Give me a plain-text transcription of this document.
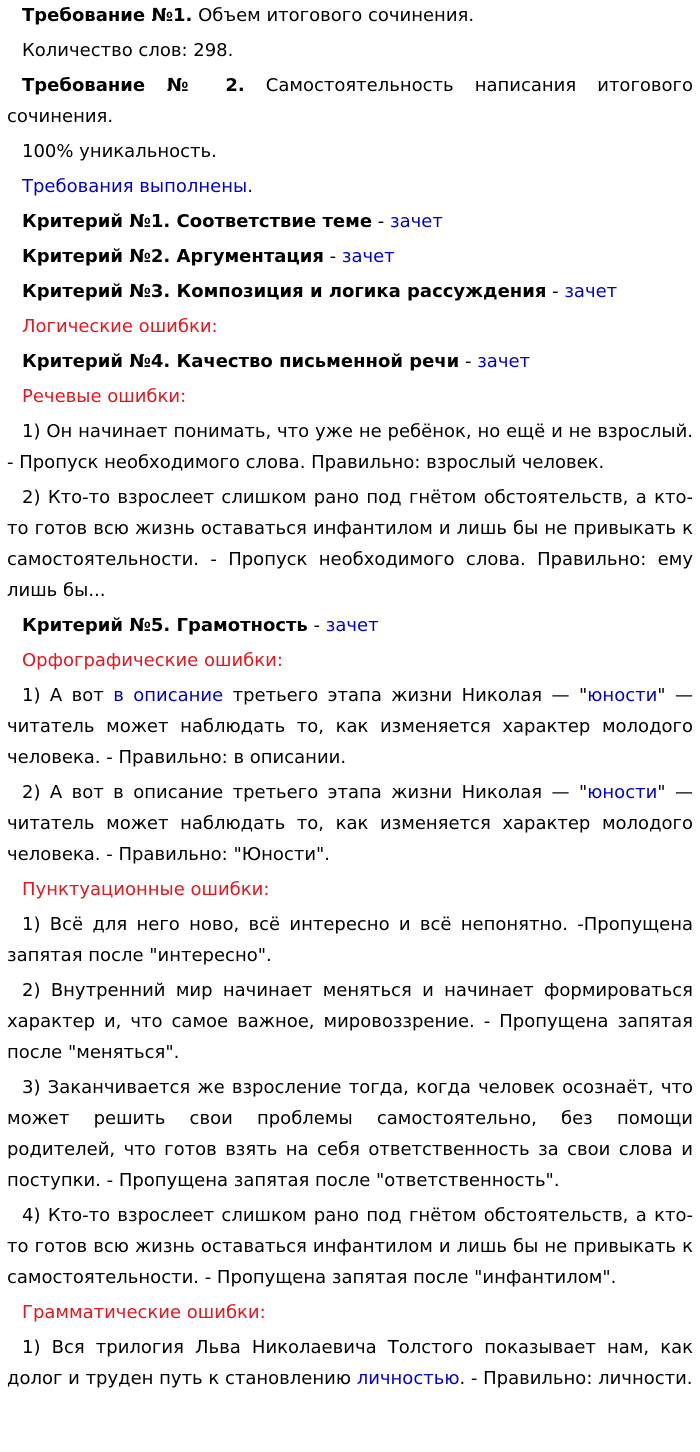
Требование №1. Объем итогового сочинения.

Количество слов: 298.

Требование № 2. Самостоятельность написания итогового сочинения.

100% уникальность.

Требования выполнены.

Критерий №1. Соответствие теме - зачет

Критерий №2. Аргументация - зачет

Критерий №3. Композиция и логика рассуждения - зачет

Логические ошибки:

Критерий №4. Качество письменной речи - зачет

Речевые ошибки:

1) Он начинает понимать, что уже не ребёнок, но ещё и не взрослый. - Пропуск необходимого слова. Правильно: взрослый человек.

2) Кто-то взрослеет слишком рано под гнётом обстоятельств, а кто-то готов всю жизнь оставаться инфантилом и лишь бы не привыкать к самостоятельности. - Пропуск необходимого слова. Правильно: ему лишь бы...

Критерий №5. Грамотность - зачет

Орфографические ошибки:

1) А вот в описание третьего этапа жизни Николая — "юности" — читатель может наблюдать то, как изменяется характер молодого человека. - Правильно: в описании.

2) А вот в описание третьего этапа жизни Николая — "юности" — читатель может наблюдать то, как изменяется характер молодого человека. - Правильно: "Юности".

Пунктуационные ошибки:

1) Всё для него ново, всё интересно и всё непонятно. -Пропущена запятая после "интересно".

2) Внутренний мир начинает меняться и начинает формироваться характер и, что самое важное, мировоззрение. - Пропущена запятая после "меняться".

3) Заканчивается же взросление тогда, когда человек осознаёт, что может решить свои проблемы самостоятельно, без помощи родителей, что готов взять на себя ответственность за свои слова и поступки. - Пропущена запятая после "ответственность".

4) Кто-то взрослеет слишком рано под гнётом обстоятельств, а кто-то готов всю жизнь оставаться инфантилом и лишь бы не привыкать к самостоятельности. - Пропущена запятая после "инфантилом".

Грамматические ошибки:

1) Вся трилогия Льва Николаевича Толстого показывает нам, как долог и труден путь к становлению личностью. - Правильно: личности.
